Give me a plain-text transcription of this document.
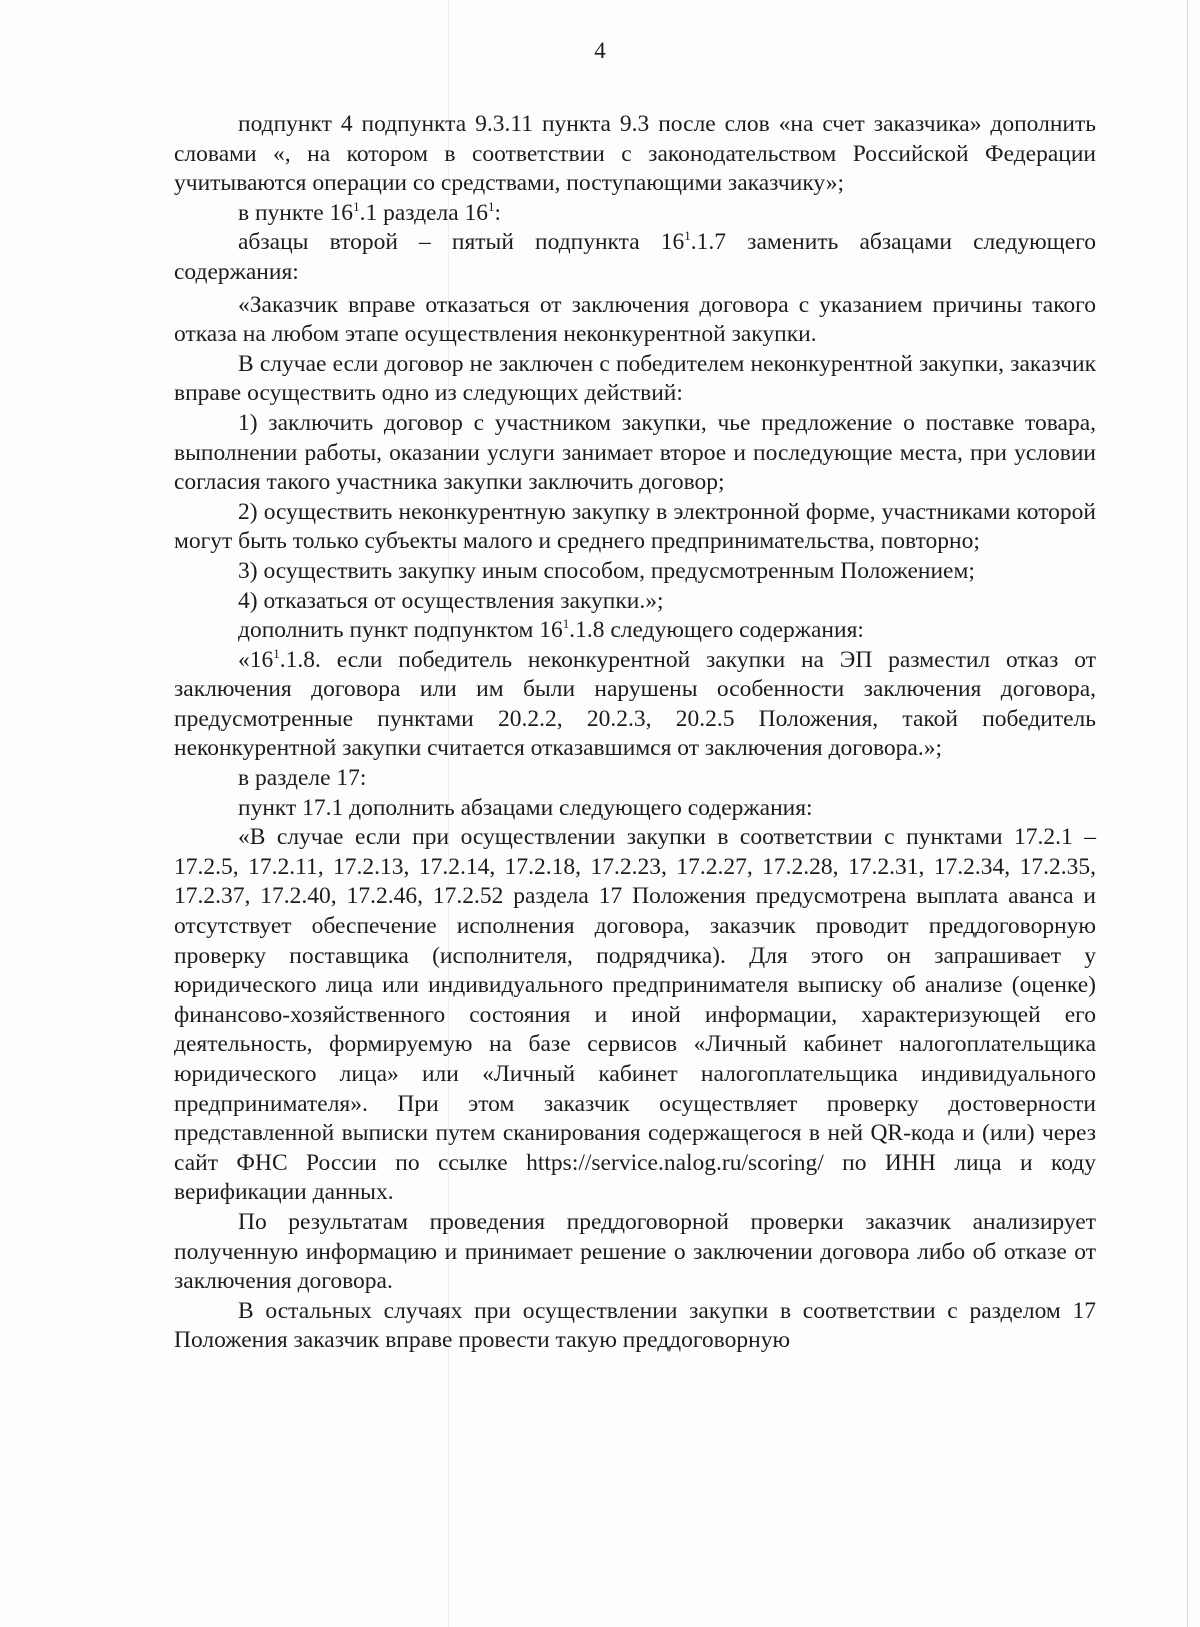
4

подпункт 4 подпункта 9.3.11 пункта 9.3 после слов «на счет заказчика» дополнить словами «, на котором в соответствии с законодательством Российской Федерации учитываются операции со средствами, поступающими заказчику»;

в пункте $16^1.1$ раздела $16^1$:

абзацы второй – пятый подпункта $16^1.1.7$ заменить абзацами следующего содержания:

«Заказчик вправе отказаться от заключения договора с указанием причины такого отказа на любом этапе осуществления неконкурентной закупки.

В случае если договор не заключен с победителем неконкурентной закупки, заказчик вправе осуществить одно из следующих действий:

1) заключить договор с участником закупки, чье предложение о поставке товара, выполнении работы, оказании услуги занимает второе и последующие места, при условии согласия такого участника закупки заключить договор;

2) осуществить неконкурентную закупку в электронной форме, участниками которой могут быть только субъекты малого и среднего предпринимательства, повторно;

3) осуществить закупку иным способом, предусмотренным Положением;

4) отказаться от осуществления закупки.»;

дополнить пункт подпунктом $16^1.1.8$ следующего содержания:

«$16^1.1.8$. если победитель неконкурентной закупки на ЭП разместил отказ от заключения договора или им были нарушены особенности заключения договора, предусмотренные пунктами 20.2.2, 20.2.3, 20.2.5 Положения, такой победитель неконкурентной закупки считается отказавшимся от заключения договора.»;

в разделе 17:

пункт 17.1 дополнить абзацами следующего содержания:

«В случае если при осуществлении закупки в соответствии с пунктами 17.2.1 – 17.2.5, 17.2.11, 17.2.13, 17.2.14, 17.2.18, 17.2.23, 17.2.27, 17.2.28, 17.2.31, 17.2.34, 17.2.35, 17.2.37, 17.2.40, 17.2.46, 17.2.52 раздела 17 Положения предусмотрена выплата аванса и отсутствует обеспечение исполнения договора, заказчик проводит преддоговорную проверку поставщика (исполнителя, подрядчика). Для этого он запрашивает у юридического лица или индивидуального предпринимателя выписку об анализе (оценке) финансово-хозяйственного состояния и иной информации, характеризующей его деятельность, формируемую на базе сервисов «Личный кабинет налогоплательщика юридического лица» или «Личный кабинет налогоплательщика индивидуального предпринимателя». При этом заказчик осуществляет проверку достоверности представленной выписки путем сканирования содержащегося в ней QR-кода и (или) через сайт ФНС России по ссылке https://service.nalog.ru/scoring/ по ИНН лица и коду верификации данных.

По результатам проведения преддоговорной проверки заказчик анализирует полученную информацию и принимает решение о заключении договора либо об отказе от заключения договора.

В остальных случаях при осуществлении закупки в соответствии с разделом 17 Положения заказчик вправе провести такую преддоговорную
